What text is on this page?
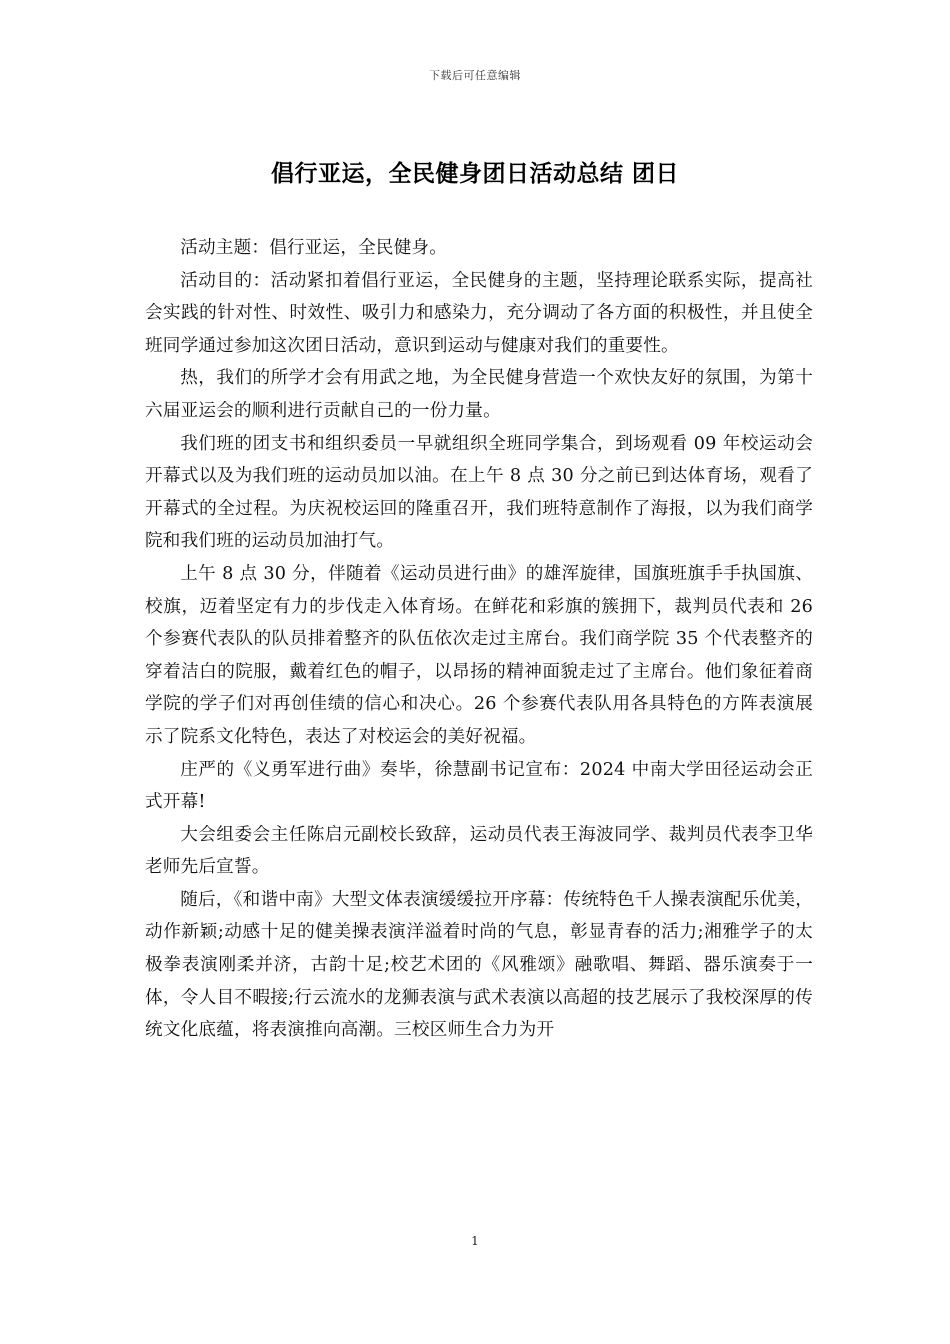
下载后可任意编辑
倡行亚运，全民健身团日活动总结 团日

活动主题：倡行亚运，全民健身。

活动目的：活动紧扣着倡行亚运，全民健身的主题，坚持理论联系实际，提高社会实践的针对性、时效性、吸引力和感染力，充分调动了各方面的积极性，并且使全班同学通过参加这次团日活动，意识到运动与健康对我们的重要性。

热，我们的所学才会有用武之地，为全民健身营造一个欢快友好的氛围，为第十六届亚运会的顺利进行贡献自己的一份力量。

我们班的团支书和组织委员一早就组织全班同学集合，到场观看 09 年校运动会开幕式以及为我们班的运动员加以油。在上午 8 点 30 分之前已到达体育场，观看了开幕式的全过程。为庆祝校运回的隆重召开，我们班特意制作了海报，以为我们商学院和我们班的运动员加油打气。

上午 8 点 30 分，伴随着《运动员进行曲》的雄浑旋律，国旗班旗手手执国旗、校旗，迈着坚定有力的步伐走入体育场。在鲜花和彩旗的簇拥下，裁判员代表和 26 个参赛代表队的队员排着整齐的队伍依次走过主席台。我们商学院 35 个代表整齐的穿着洁白的院服，戴着红色的帽子，以昂扬的精神面貌走过了主席台。他们象征着商学院的学子们对再创佳绩的信心和决心。26 个参赛代表队用各具特色的方阵表演展示了院系文化特色，表达了对校运会的美好祝福。

庄严的《义勇军进行曲》奏毕，徐慧副书记宣布：2024 中南大学田径运动会正式开幕!

大会组委会主任陈启元副校长致辞，运动员代表王海波同学、裁判员代表李卫华老师先后宣誓。

随后，《和谐中南》大型文体表演缓缓拉开序幕：传统特色千人操表演配乐优美，动作新颖;动感十足的健美操表演洋溢着时尚的气息，彰显青春的活力;湘雅学子的太极拳表演刚柔并济，古韵十足;校艺术团的《风雅颂》融歌唱、舞蹈、器乐演奏于一体，令人目不暇接;行云流水的龙狮表演与武术表演以高超的技艺展示了我校深厚的传统文化底蕴，将表演推向高潮。三校区师生合力为开

1
